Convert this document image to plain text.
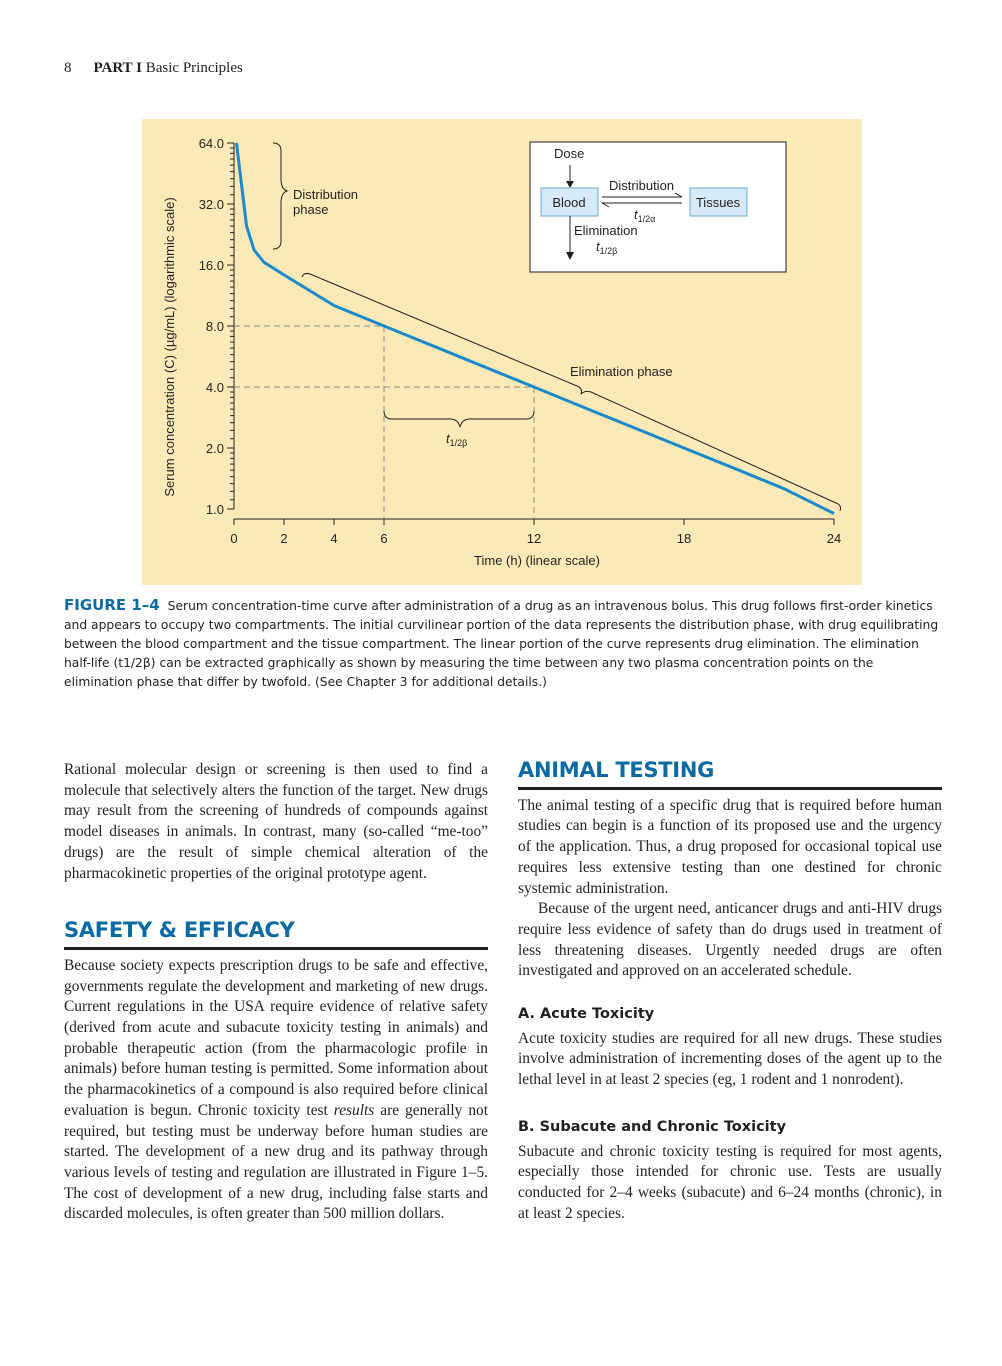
8 PART I Basic Principles
64.0
32.0
16.0
8.0
4.0
2.0
1.0
0	2	4	6	12	18	24
Serum concentration (C) (µg/mL) (logarithmic scale)
Time (h) (linear scale)
Distribution
phase
Elimination phase
$t_{1/2\beta}$
Dose
Blood	Tissues
Distribution
$t_{1/2\alpha}$
Elimination
$t_{1/2\beta}$
FIGURE 1–4 Serum concentration-time curve after administration of a drug as an intravenous bolus. This drug follows first-order kinetics and appears to occupy two compartments. The initial curvilinear portion of the data represents the distribution phase, with drug equilibrating between the blood compartment and the tissue compartment. The linear portion of the curve represents drug elimination. The elimination half-life (t1/2β) can be extracted graphically as shown by measuring the time between any two plasma concentration points on the elimination phase that differ by twofold. (See Chapter 3 for additional details.)

Rational molecular design or screening is then used to find a molecule that selectively alters the function of the target. New drugs may result from the screening of hundreds of compounds against model diseases in animals. In contrast, many (so-called “me-too” drugs) are the result of simple chemical alteration of the pharmacokinetic properties of the original prototype agent.

SAFETY & EFFICACY

Because society expects prescription drugs to be safe and effective, governments regulate the development and marketing of new drugs. Current regulations in the USA require evidence of relative safety (derived from acute and subacute toxicity testing in animals) and probable therapeutic action (from the pharmacologic profile in animals) before human testing is permitted. Some information about the pharmacokinetics of a compound is also required before clinical evaluation is begun. Chronic toxicity test results are generally not required, but testing must be underway before human studies are started. The development of a new drug and its pathway through various levels of testing and regulation are illustrated in Figure 1–5. The cost of development of a new drug, including false starts and discarded molecules, is often greater than 500 million dollars.

ANIMAL TESTING

The animal testing of a specific drug that is required before human studies can begin is a function of its proposed use and the urgency of the application. Thus, a drug proposed for occasional topical use requires less extensive testing than one destined for chronic systemic administration.

Because of the urgent need, anticancer drugs and anti-HIV drugs require less evidence of safety than do drugs used in treatment of less threatening diseases. Urgently needed drugs are often investigated and approved on an accelerated schedule.

A. Acute Toxicity

Acute toxicity studies are required for all new drugs. These studies involve administration of incrementing doses of the agent up to the lethal level in at least 2 species (eg, 1 rodent and 1 nonrodent).

B. Subacute and Chronic Toxicity

Subacute and chronic toxicity testing is required for most agents, especially those intended for chronic use. Tests are usually conducted for 2–4 weeks (subacute) and 6–24 months (chronic), in at least 2 species.
